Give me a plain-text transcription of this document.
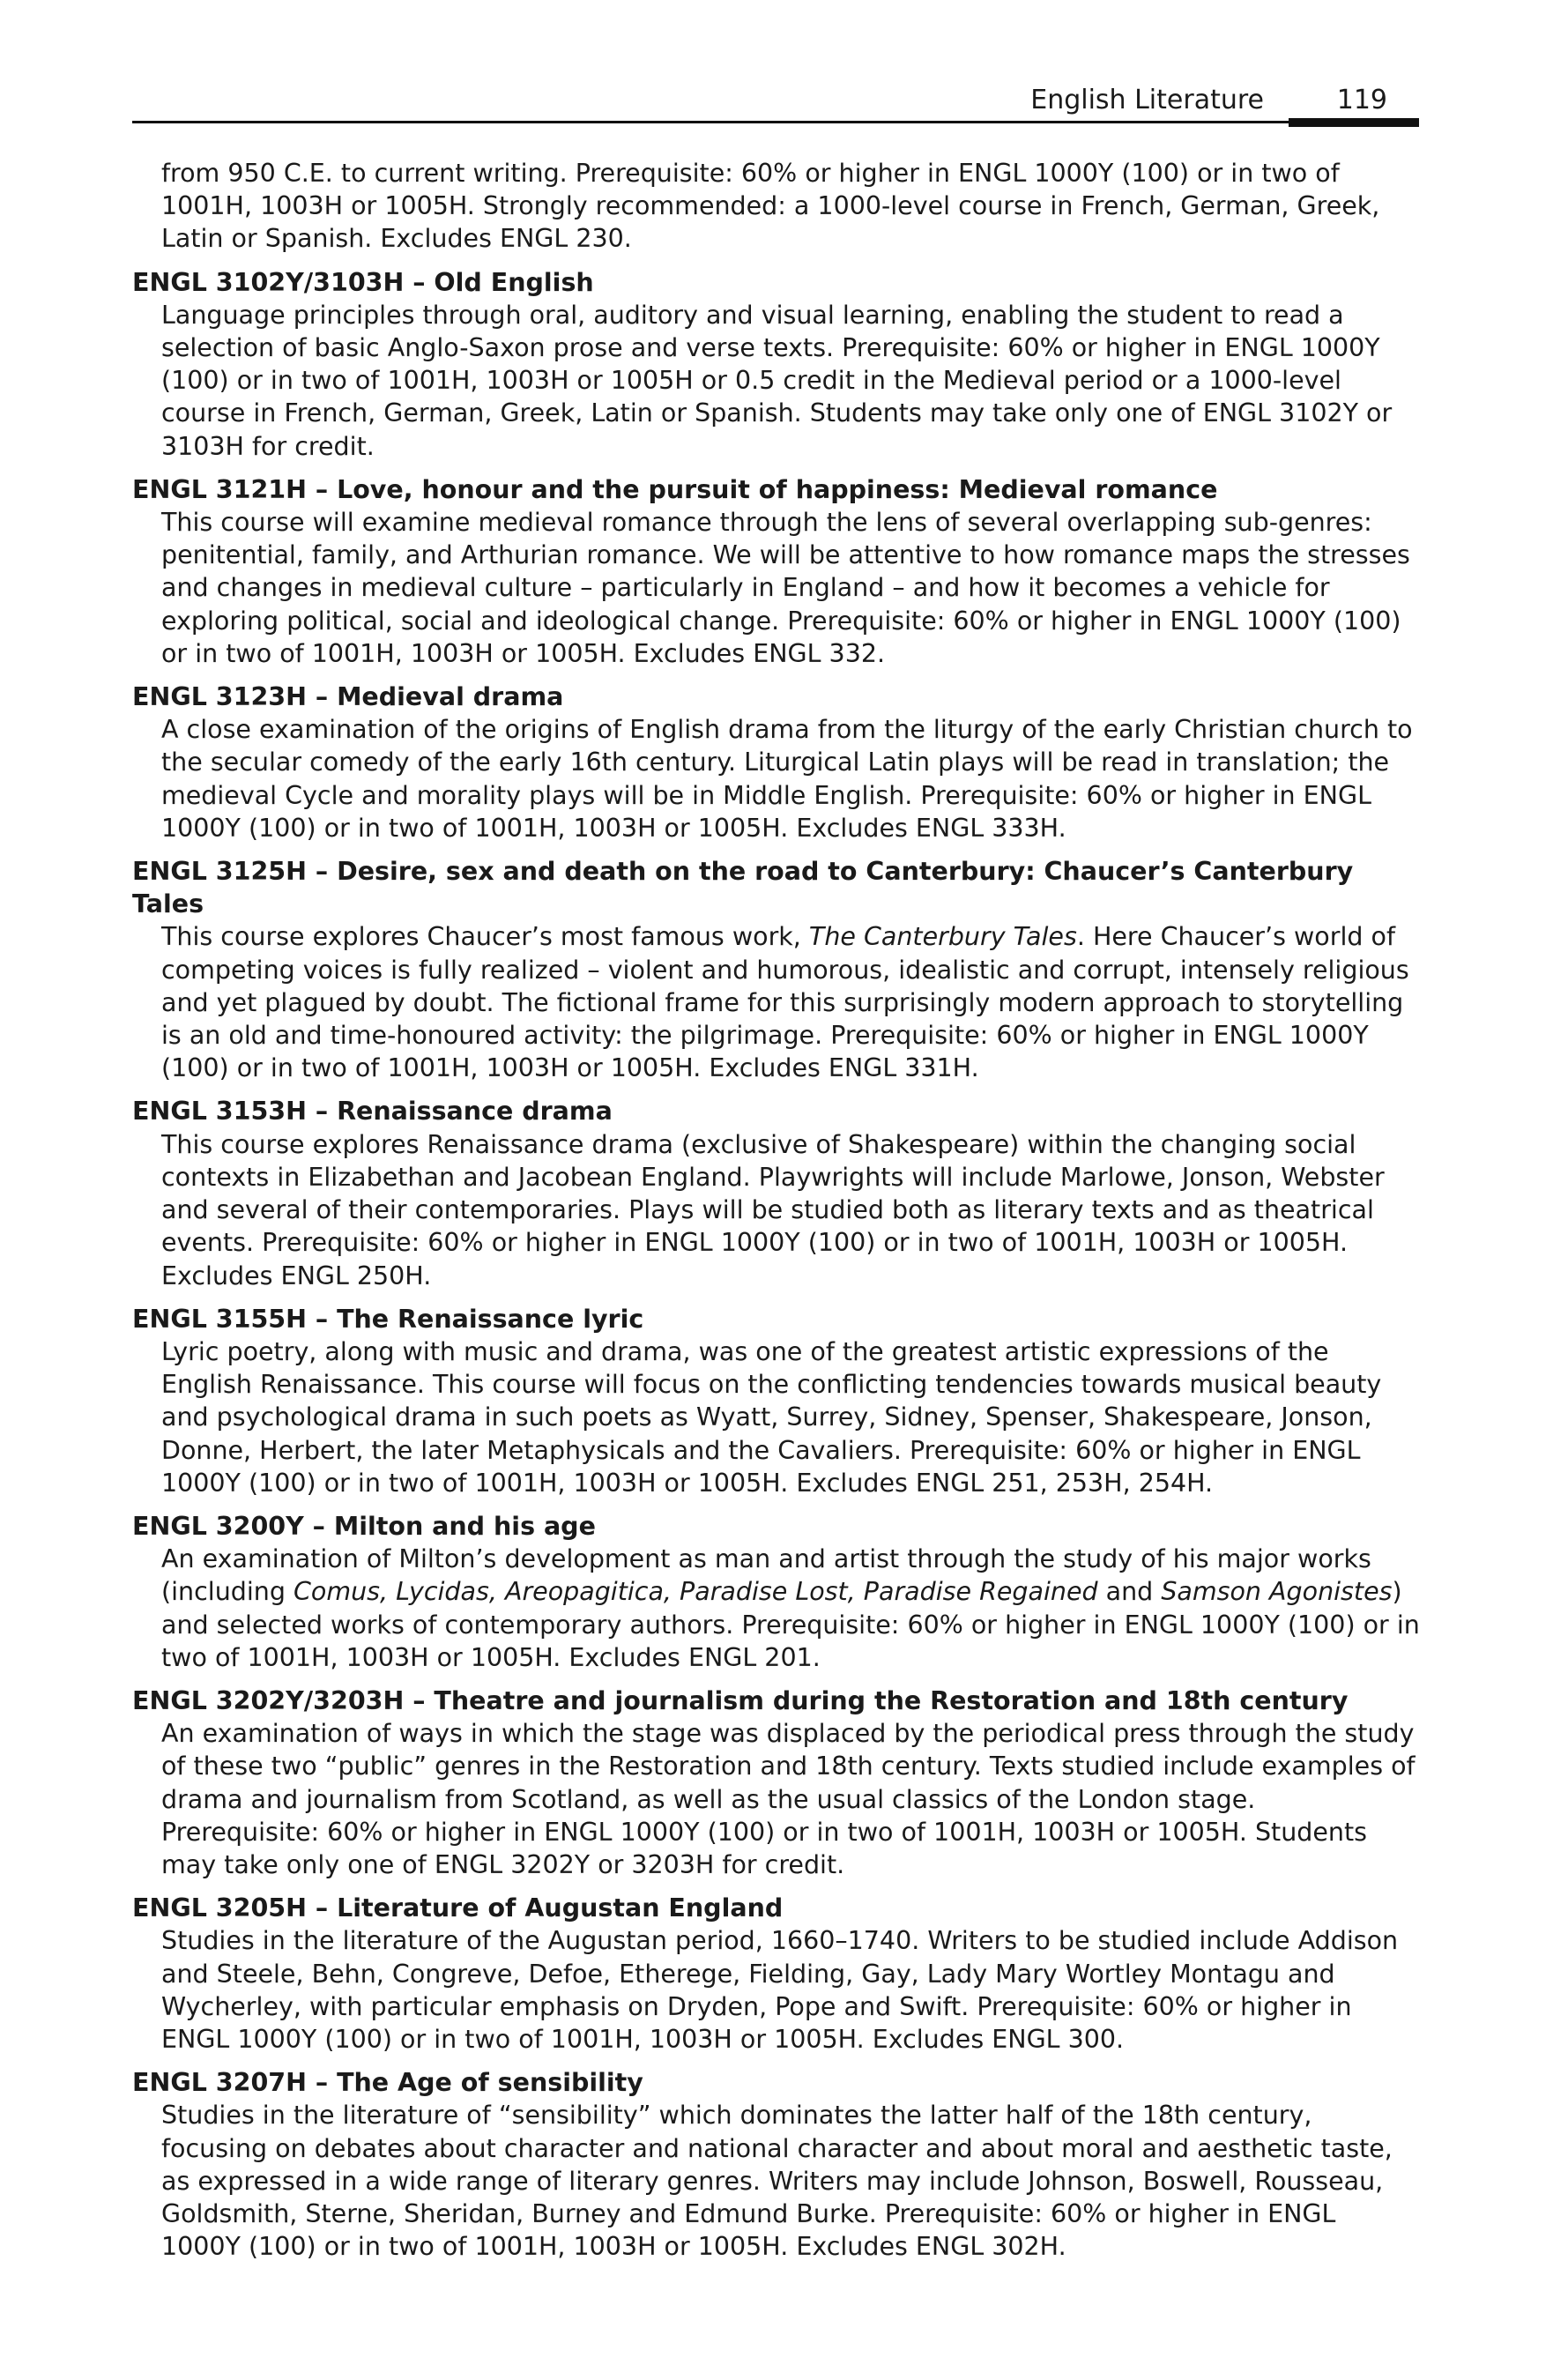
English Literature	119
from 950 C.E. to current writing. Prerequisite: 60% or higher in ENGL 1000Y (100) or in two of 1001H, 1003H or 1005H. Strongly recommended: a 1000-level course in French, German, Greek, Latin or Spanish. Excludes ENGL 230.
ENGL 3102Y/3103H – Old English
Language principles through oral, auditory and visual learning, enabling the student to read a selection of basic Anglo-Saxon prose and verse texts. Prerequisite: 60% or higher in ENGL 1000Y (100) or in two of 1001H, 1003H or 1005H or 0.5 credit in the Medieval period or a 1000-level course in French, German, Greek, Latin or Spanish. Students may take only one of ENGL 3102Y or 3103H for credit.
ENGL 3121H – Love, honour and the pursuit of happiness: Medieval romance
This course will examine medieval romance through the lens of several overlapping sub-genres: penitential, family, and Arthurian romance. We will be attentive to how romance maps the stresses and changes in medieval culture – particularly in England – and how it becomes a vehicle for exploring political, social and ideological change. Prerequisite: 60% or higher in ENGL 1000Y (100) or in two of 1001H, 1003H or 1005H. Excludes ENGL 332.
ENGL 3123H – Medieval drama
A close examination of the origins of English drama from the liturgy of the early Christian church to the secular comedy of the early 16th century. Liturgical Latin plays will be read in translation; the medieval Cycle and morality plays will be in Middle English. Prerequisite: 60% or higher in ENGL 1000Y (100) or in two of 1001H, 1003H or 1005H. Excludes ENGL 333H.
ENGL 3125H – Desire, sex and death on the road to Canterbury: Chaucer’s Canterbury Tales
This course explores Chaucer’s most famous work, The Canterbury Tales. Here Chaucer’s world of competing voices is fully realized – violent and humorous, idealistic and corrupt, intensely religious and yet plagued by doubt. The fictional frame for this surprisingly modern approach to storytelling is an old and time-honoured activity: the pilgrimage. Prerequisite: 60% or higher in ENGL 1000Y (100) or in two of 1001H, 1003H or 1005H. Excludes ENGL 331H.
ENGL 3153H – Renaissance drama
This course explores Renaissance drama (exclusive of Shakespeare) within the changing social contexts in Elizabethan and Jacobean England. Playwrights will include Marlowe, Jonson, Webster and several of their contemporaries. Plays will be studied both as literary texts and as theatrical events. Prerequisite: 60% or higher in ENGL 1000Y (100) or in two of 1001H, 1003H or 1005H. Excludes ENGL 250H.
ENGL 3155H – The Renaissance lyric
Lyric poetry, along with music and drama, was one of the greatest artistic expressions of the English Renaissance. This course will focus on the conflicting tendencies towards musical beauty and psychological drama in such poets as Wyatt, Surrey, Sidney, Spenser, Shakespeare, Jonson, Donne, Herbert, the later Metaphysicals and the Cavaliers. Prerequisite: 60% or higher in ENGL 1000Y (100) or in two of 1001H, 1003H or 1005H. Excludes ENGL 251, 253H, 254H.
ENGL 3200Y – Milton and his age
An examination of Milton’s development as man and artist through the study of his major works (including Comus, Lycidas, Areopagitica, Paradise Lost, Paradise Regained and Samson Agonistes) and selected works of contemporary authors. Prerequisite: 60% or higher in ENGL 1000Y (100) or in two of 1001H, 1003H or 1005H. Excludes ENGL 201.
ENGL 3202Y/3203H – Theatre and journalism during the Restoration and 18th century
An examination of ways in which the stage was displaced by the periodical press through the study of these two “public” genres in the Restoration and 18th century. Texts studied include examples of drama and journalism from Scotland, as well as the usual classics of the London stage. Prerequisite: 60% or higher in ENGL 1000Y (100) or in two of 1001H, 1003H or 1005H. Students may take only one of ENGL 3202Y or 3203H for credit.
ENGL 3205H – Literature of Augustan England
Studies in the literature of the Augustan period, 1660–1740. Writers to be studied include Addison and Steele, Behn, Congreve, Defoe, Etherege, Fielding, Gay, Lady Mary Wortley Montagu and Wycherley, with particular emphasis on Dryden, Pope and Swift. Prerequisite: 60% or higher in ENGL 1000Y (100) or in two of 1001H, 1003H or 1005H. Excludes ENGL 300.
ENGL 3207H – The Age of sensibility
Studies in the literature of “sensibility” which dominates the latter half of the 18th century, focusing on debates about character and national character and about moral and aesthetic taste, as expressed in a wide range of literary genres. Writers may include Johnson, Boswell, Rousseau, Goldsmith, Sterne, Sheridan, Burney and Edmund Burke. Prerequisite: 60% or higher in ENGL 1000Y (100) or in two of 1001H, 1003H or 1005H. Excludes ENGL 302H.
